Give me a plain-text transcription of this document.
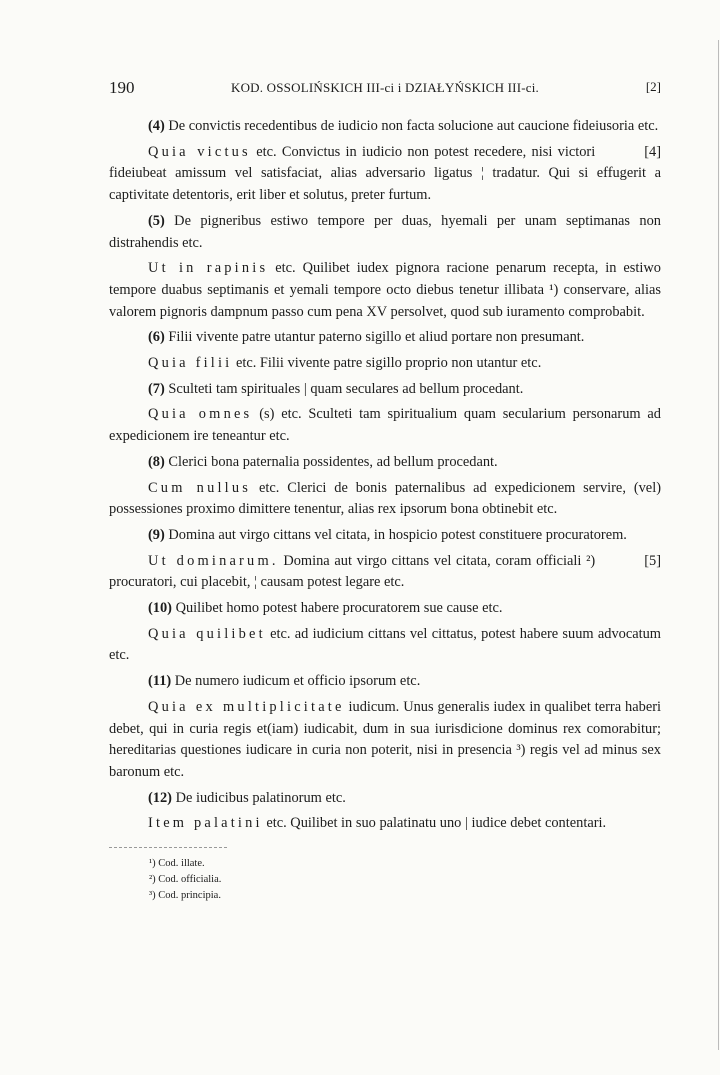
190	KOD. OSSOLIŃSKICH III-ci i DZIAŁYŃSKICH III-ci.	[2]

(4) De convictis recedentibus de iudicio non facta solucione aut caucione fideiusoria etc.

[4]
Quia victus etc. Convictus in iudicio non potest recedere, nisi victori fideiubeat amissum vel satisfaciat, alias adversario ligatus ¦ tradatur. Qui si effugerit a captivitate detentoris, erit liber et solutus, preter furtum.

(5) De pigneribus estiwo tempore per duas, hyemali per unam septimanas non distrahendis etc.

Ut in rapinis etc. Quilibet iudex pignora racione penarum recepta, in estiwo tempore duabus septimanis et yemali tempore octo diebus tenetur illibata ¹) conservare, alias valorem pignoris dampnum passo cum pena XV persolvet, quod sub iuramento comprobabit.

(6) Filii vivente patre utantur paterno sigillo et aliud portare non presumant.

Quia filii etc. Filii vivente patre sigillo proprio non utantur etc.

(7) Sculteti tam spirituales | quam seculares ad bellum procedant.

Quia omnes (s) etc. Sculteti tam spiritualium quam secularium personarum ad expedicionem ire teneantur etc.

(8) Clerici bona paternalia possidentes, ad bellum procedant.

Cum nullus etc. Clerici de bonis paternalibus ad expedicionem servire, (vel) possessiones proximo dimittere tenentur, alias rex ipsorum bona obtinebit etc.

(9) Domina aut virgo cittans vel citata, in hospicio potest constituere procuratorem.

[5]
Ut dominarum. Domina aut virgo cittans vel citata, coram officiali ²) procuratori, cui placebit, ¦ causam potest legare etc.

(10) Quilibet homo potest habere procuratorem sue cause etc.

Quia quilibet etc. ad iudicium cittans vel cittatus, potest habere suum advocatum etc.

(11) De numero iudicum et officio ipsorum etc.

Quia ex multiplicitate iudicum. Unus generalis iudex in qualibet terra haberi debet, qui in curia regis et(iam) iudicabit, dum in sua iurisdicione dominus rex comorabitur; hereditarias questiones iudicare in curia non poterit, nisi in presencia ³) regis vel ad minus sex baronum etc.

(12) De iudicibus palatinorum etc.

Item palatini etc. Quilibet in suo palatinatu uno | iudice debet contentari.

¹) Cod. illate.
²) Cod. officialia.
³) Cod. principia.
